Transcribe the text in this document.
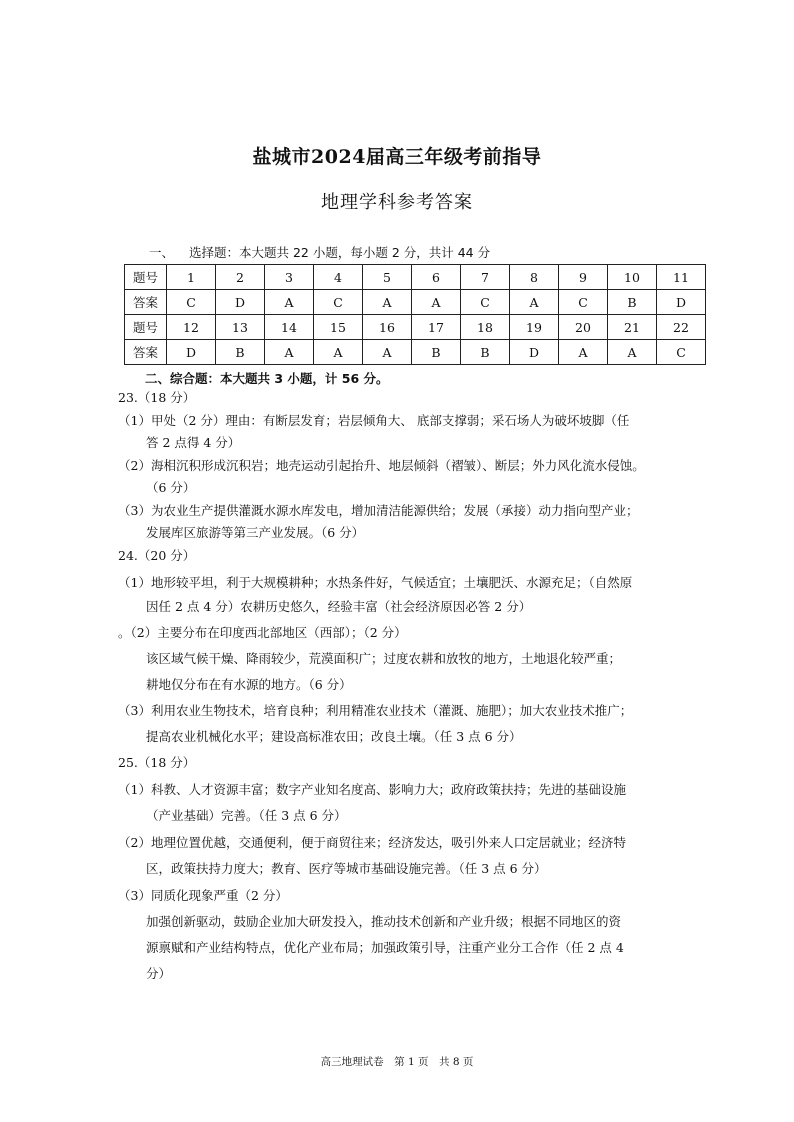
盐城市2024届高三年级考前指导
地理学科参考答案
一、 选择题：本大题共 22 小题，每小题 2 分，共计 44 分
题号	1	2	3	4	5	6	7	8	9	10	11
答案	C	D	A	C	A	A	C	A	C	B	D
题号	12	13	14	15	16	17	18	19	20	21	22
答案	D	B	A	A	A	B	B	D	A	A	C
二、综合题：本大题共 3 小题，计 56 分。
23.（18 分）
（1）甲处（2 分）理由：有断层发育；岩层倾角大、 底部支撑弱；采石场人为破坏坡脚（任
答 2 点得 4 分）
（2）海相沉积形成沉积岩；地壳运动引起抬升、地层倾斜（褶皱）、断层；外力风化流水侵蚀。
（6 分）
（3）为农业生产提供灌溉水源水库发电，增加清洁能源供给；发展（承接）动力指向型产业；
发展库区旅游等第三产业发展。（6 分）
24.（20 分）
（1）地形较平坦，利于大规模耕种；水热条件好，气候适宜；土壤肥沃、水源充足；（自然原
因任 2 点 4 分）农耕历史悠久，经验丰富（社会经济原因必答 2 分）
。（2）主要分布在印度西北部地区（西部）；（2 分）
该区域气候干燥、降雨较少，荒漠面积广；过度农耕和放牧的地方，土地退化较严重；
耕地仅分布在有水源的地方。（6 分）
（3）利用农业生物技术，培育良种；利用精准农业技术（灌溉、施肥）；加大农业技术推广；
提高农业机械化水平；建设高标准农田；改良土壤。（任 3 点 6 分）
25.（18 分）
（1）科教、人才资源丰富；数字产业知名度高、影响力大；政府政策扶持；先进的基础设施
（产业基础）完善。（任 3 点 6 分）
（2）地理位置优越，交通便利，便于商贸往来；经济发达，吸引外来人口定居就业；经济特
区，政策扶持力度大；教育、医疗等城市基础设施完善。（任 3 点 6 分）
（3）同质化现象严重（2 分）
加强创新驱动，鼓励企业加大研发投入，推动技术创新和产业升级；根据不同地区的资
源禀赋和产业结构特点，优化产业布局；加强政策引导，注重产业分工合作（任 2 点 4
分）
高三地理试卷　第 1 页　共 8 页
